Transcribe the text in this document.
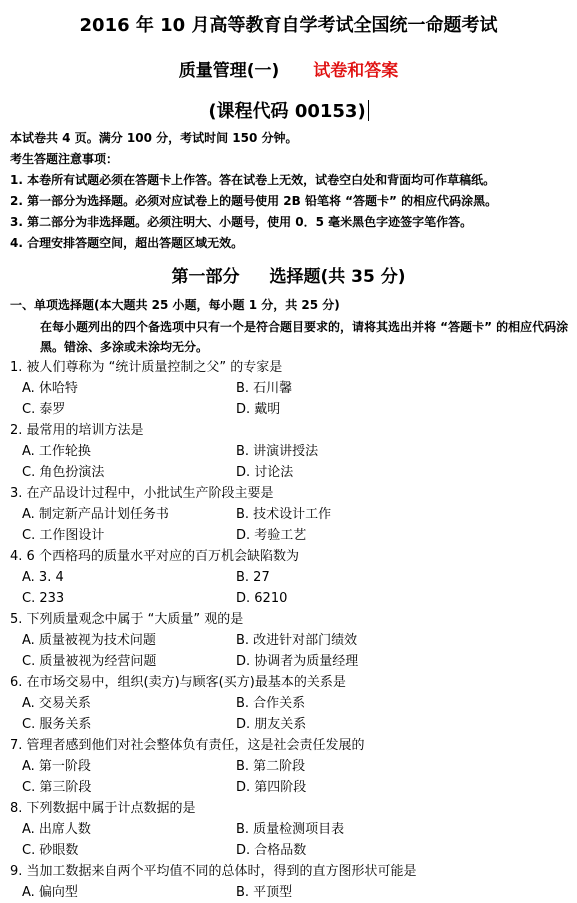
2016 年 10 月高等教育自学考试全国统一命题考试
质量管理(一) 试卷和答案
(课程代码 00153)
本试卷共 4 页。满分 100 分，考试时间 150 分钟。
考生答题注意事项：
1. 本卷所有试题必须在答题卡上作答。答在试卷上无效，试卷空白处和背面均可作草稿纸。
2. 第一部分为选择题。必须对应试卷上的题号使用 2B 铅笔将 “答题卡” 的相应代码涂黑。
3. 第二部分为非选择题。必须注明大、小题号，使用 0．5 毫米黑色字迹签字笔作答。
4. 合理安排答题空间，超出答题区域无效。
第一部分 选择题(共 35 分)
一、单项选择题(本大题共 25 小题，每小题 1 分，共 25 分)
在每小题列出的四个备选项中只有一个是符合题目要求的，请将其选出并将 “答题卡” 的相应代码涂黑。错涂、多涂或未涂均无分。
1. 被人们尊称为 “统计质量控制之父” 的专家是
A. 休哈特	B. 石川馨
C. 泰罗	D. 戴明
2. 最常用的培训方法是
A. 工作轮换	B. 讲演讲授法
C. 角色扮演法	D. 讨论法
3. 在产品设计过程中，小批试生产阶段主要是
A. 制定新产品计划任务书	B. 技术设计工作
C. 工作图设计	D. 考验工艺
4. 6 个西格玛的质量水平对应的百万机会缺陷数为
A. 3. 4	B. 27
C. 233	D. 6210
5. 下列质量观念中属于 “大质量” 观的是
A. 质量被视为技术问题	B. 改进针对部门绩效
C. 质量被视为经营问题	D. 协调者为质量经理
6. 在市场交易中，组织(卖方)与顾客(买方)最基本的关系是
A. 交易关系	B. 合作关系
C. 服务关系	D. 朋友关系
7. 管理者感到他们对社会整体负有责任，这是社会责任发展的
A. 第一阶段	B. 第二阶段
C. 第三阶段	D. 第四阶段
8. 下列数据中属于计点数据的是
A. 出席人数	B. 质量检测项目表
C. 砂眼数	D. 合格品数
9. 当加工数据来自两个平均值不同的总体时，得到的直方图形状可能是
A. 偏向型	B. 平顶型
